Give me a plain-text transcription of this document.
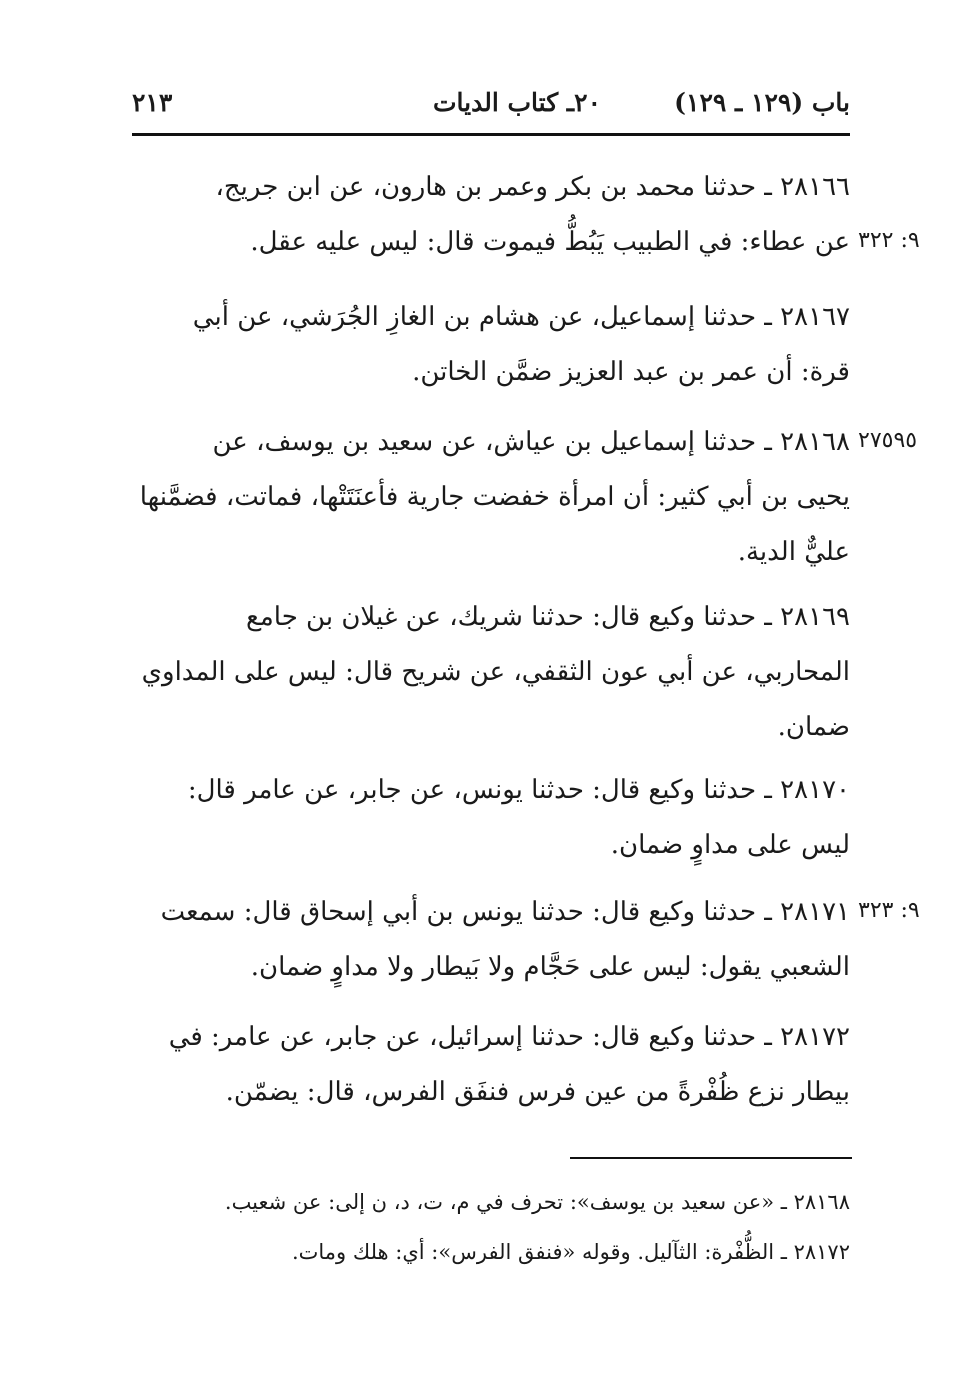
باب (١٢٩ ـ ١٢٩)
٢٠ـ كتاب الديات
٢١٣
٢٨١٦٦ ـ حدثنا محمد بن بكر وعمر بن هارون، عن ابن جريج،
عن عطاء: في الطبيب يَبُطُّ فيموت قال: ليس عليه عقل. ٩: ٣٢٢
٢٨١٦٧ ـ حدثنا إسماعيل، عن هشام بن الغازِ الجُرَشي، عن أبي
قرة: أن عمر بن عبد العزيز ضمَّن الخاتن.
٢٨١٦٨ ـ حدثنا إسماعيل بن عياش، عن سعيد بن يوسف، عن
يحيى بن أبي كثير: أن امرأة خفضت جارية فأعنَتَتْها، فماتت، فضمَّنها
عليٌّ الدية.
٢٧٥٩٥
٢٨١٦٩ ـ حدثنا وكيع قال: حدثنا شريك، عن غيلان بن جامع
المحاربي، عن أبي عون الثقفي، عن شريح قال: ليس على المداوي
ضمان.
٢٨١٧٠ ـ حدثنا وكيع قال: حدثنا يونس، عن جابر، عن عامر قال:
ليس على مداوٍ ضمان.
٢٨١٧١ ـ حدثنا وكيع قال: حدثنا يونس بن أبي إسحاق قال: سمعت
الشعبي يقول: ليس على حَجَّام ولا بَيطار ولا مداوٍ ضمان.
٩: ٣٢٣
٢٨١٧٢ ـ حدثنا وكيع قال: حدثنا إسرائيل، عن جابر، عن عامر: في
بيطار نزع ظُفْرةً من عين فرس فنفَق الفرس، قال: يضمّن.
٢٨١٦٨ ـ «عن سعيد بن يوسف»: تحرف في م، ت، د، ن إلى: عن شعيب.
٢٨١٧٢ ـ الظُّفْرة: الثآليل. وقوله «فنفق الفرس»: أي: هلك ومات.
